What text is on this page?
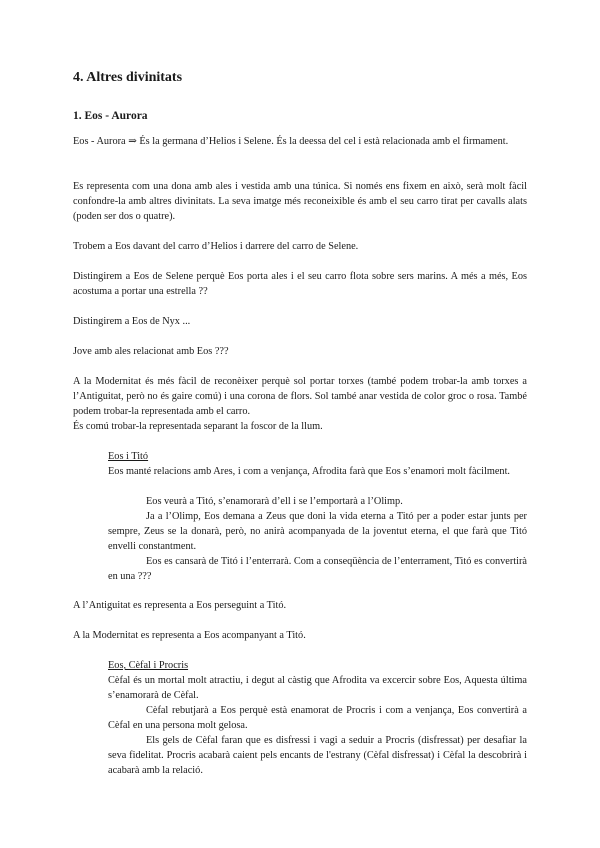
4. Altres divinitats
1. Eos - Aurora

Eos - Aurora ⇒ És la germana d’Helios i Selene. És la deessa del cel i està relacionada amb el firmament.

Es representa com una dona amb ales i vestida amb una túnica. Si només ens fixem en això, serà molt fàcil confondre-la amb altres divinitats. La seva imatge més reconeixible és amb el seu carro tirat per cavalls alats (poden ser dos o quatre).

Trobem a Eos davant del carro d’Helios i darrere del carro de Selene.

Distingirem a Eos de Selene perquè Eos porta ales i el seu carro flota sobre sers marins. A més a més, Eos acostuma a portar una estrella ??

Distingirem a Eos de Nyx ...

Jove amb ales relacionat amb Eos ???

A la Modernitat és més fàcil de reconèixer perquè sol portar torxes (també podem trobar-la amb torxes a l’Antiguitat, però no és gaire comú) i una corona de flors. Sol també anar vestida de color groc o rosa. També podem trobar-la representada amb el carro.

És comú trobar-la representada separant la foscor de la llum.

Eos i Titó

Eos manté relacions amb Ares, i com a venjança, Afrodita farà que Eos s’enamori molt fàcilment.

Eos veurà a Titó, s’enamorarà d’ell i se l’emportarà a l’Olimp.

Ja a l’Olimp, Eos demana a Zeus que doni la vida eterna a Titó per a poder estar junts per sempre, Zeus se la donarà, però, no anirà acompanyada de la joventut eterna, el que farà que Titó envelli constantment.

Eos es cansarà de Titó i l’enterrarà. Com a conseqüència de l’enterrament, Titó es convertirà en una ???

A l’Antiguitat es representa a Eos perseguint a Titó.

A la Modernitat es representa a Eos acompanyant a Titó.

Eos, Cèfal i Procris

Cèfal és un mortal molt atractiu, i degut al càstig que Afrodita va excercir sobre Eos, Aquesta última s’enamorarà de Cèfal.

Cèfal rebutjarà a Eos perquè està enamorat de Procris i com a venjança, Eos convertirà a Cèfal en una persona molt gelosa.

Els gels de Cèfal faran que es disfressi i vagi a seduir a Procris (disfressat) per desafiar la seva fidelitat. Procris acabarà caient pels encants de l'estrany (Cèfal disfressat) i Cèfal la descobrirà i acabarà amb la relació.
